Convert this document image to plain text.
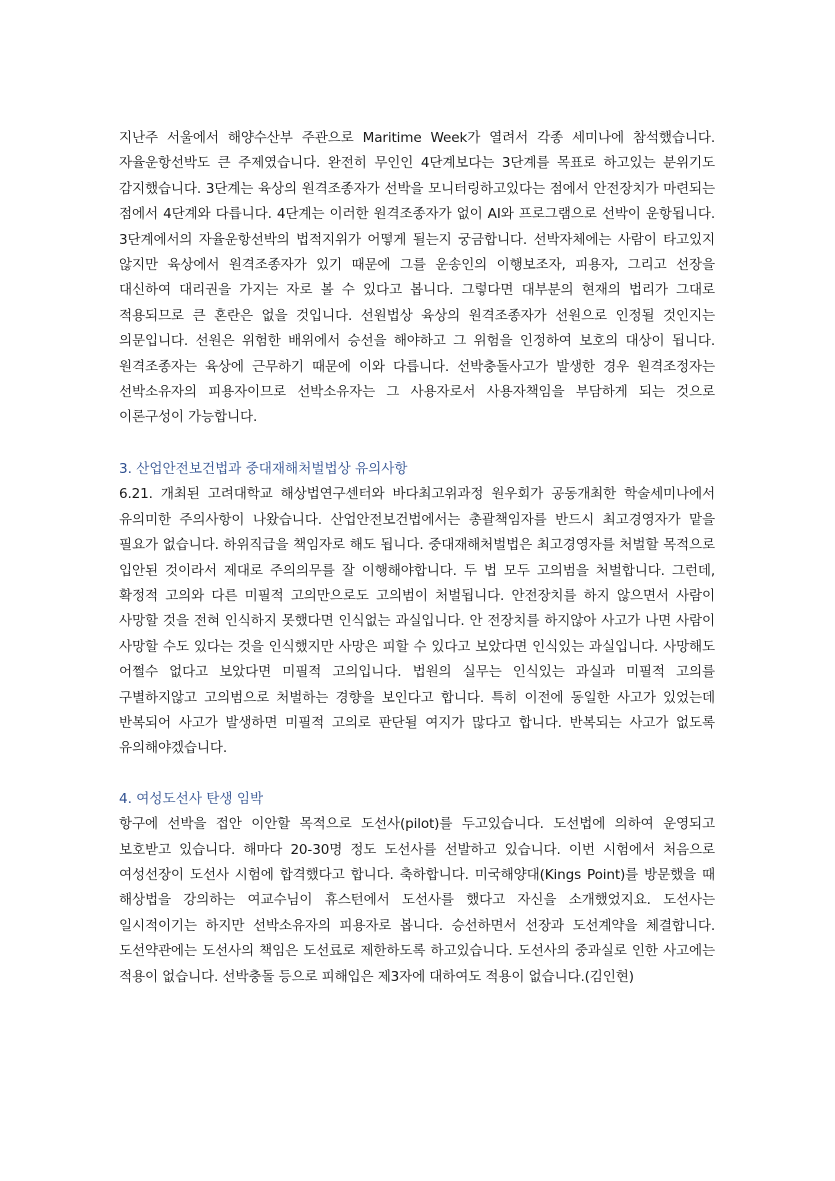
지난주 서울에서 해양수산부 주관으로 Maritime Week가 열려서 각종 세미나에 참석했습니다. 자율운항선박도 큰 주제였습니다. 완전히 무인인 4단계보다는 3단계를 목표로 하고있는 분위기도 감지했습니다. 3단계는 육상의 원격조종자가 선박을 모니터링하고있다는 점에서 안전장치가 마련되는 점에서 4단계와 다릅니다. 4단계는 이러한 원격조종자가 없이 AI와 프로그램으로 선박이 운항됩니다. 3단계에서의 자율운항선박의 법적지위가 어떻게 될는지 궁금합니다. 선박자체에는 사람이 타고있지 않지만 육상에서 원격조종자가 있기 때문에 그를 운송인의 이행보조자, 피용자, 그리고 선장을 대신하여 대리권을 가지는 자로 볼 수 있다고 봅니다. 그렇다면 대부분의 현재의 법리가 그대로 적용되므로 큰 혼란은 없을 것입니다. 선원법상 육상의 원격조종자가 선원으로 인정될 것인지는 의문입니다. 선원은 위험한 배위에서 승선을 해야하고 그 위험을 인정하여 보호의 대상이 됩니다. 원격조종자는 육상에 근무하기 때문에 이와 다릅니다. 선박충돌사고가 발생한 경우 원격조정자는 선박소유자의 피용자이므로 선박소유자는 그 사용자로서 사용자책임을 부담하게 되는 것으로 이론구성이 가능합니다.

3. 산업안전보건법과 중대재해처벌법상 유의사항

6.21. 개최된 고려대학교 해상법연구센터와 바다최고위과정 원우회가 공동개최한 학술세미나에서 유의미한 주의사항이 나왔습니다. 산업안전보건법에서는 총괄책임자를 반드시 최고경영자가 맡을 필요가 없습니다. 하위직급을 책임자로 해도 됩니다. 중대재해처벌법은 최고경영자를 처벌할 목적으로 입안된 것이라서 제대로 주의의무를 잘 이행해야합니다. 두 법 모두 고의범을 처벌합니다. 그런데, 확정적 고의와 다른 미필적 고의만으로도 고의범이 처벌됩니다. 안전장치를 하지 않으면서 사람이 사망할 것을 전혀 인식하지 못했다면 인식없는 과실입니다. 안 전장치를 하지않아 사고가 나면 사람이 사망할 수도 있다는 것을 인식했지만 사망은 피할 수 있다고 보았다면 인식있는 과실입니다. 사망해도 어쩔수 없다고 보았다면 미필적 고의입니다. 법원의 실무는 인식있는 과실과 미필적 고의를 구별하지않고 고의범으로 처벌하는 경향을 보인다고 합니다. 특히 이전에 동일한 사고가 있었는데 반복되어 사고가 발생하면 미필적 고의로 판단될 여지가 많다고 합니다. 반복되는 사고가 없도록 유의해야겠습니다.

4. 여성도선사 탄생 임박

항구에 선박을 접안 이안할 목적으로 도선사(pilot)를 두고있습니다. 도선법에 의하여 운영되고 보호받고 있습니다. 해마다 20-30명 정도 도선사를 선발하고 있습니다. 이번 시험에서 처음으로 여성선장이 도선사 시험에 합격했다고 합니다. 축하합니다. 미국해양대(Kings Point)를 방문했을 때 해상법을 강의하는 여교수님이 휴스턴에서 도선사를 했다고 자신을 소개했었지요. 도선사는 일시적이기는 하지만 선박소유자의 피용자로 봅니다. 승선하면서 선장과 도선계약을 체결합니다. 도선약관에는 도선사의 책임은 도선료로 제한하도록 하고있습니다. 도선사의 중과실로 인한 사고에는 적용이 없습니다. 선박충돌 등으로 피해입은 제3자에 대하여도 적용이 없습니다.(김인현)
